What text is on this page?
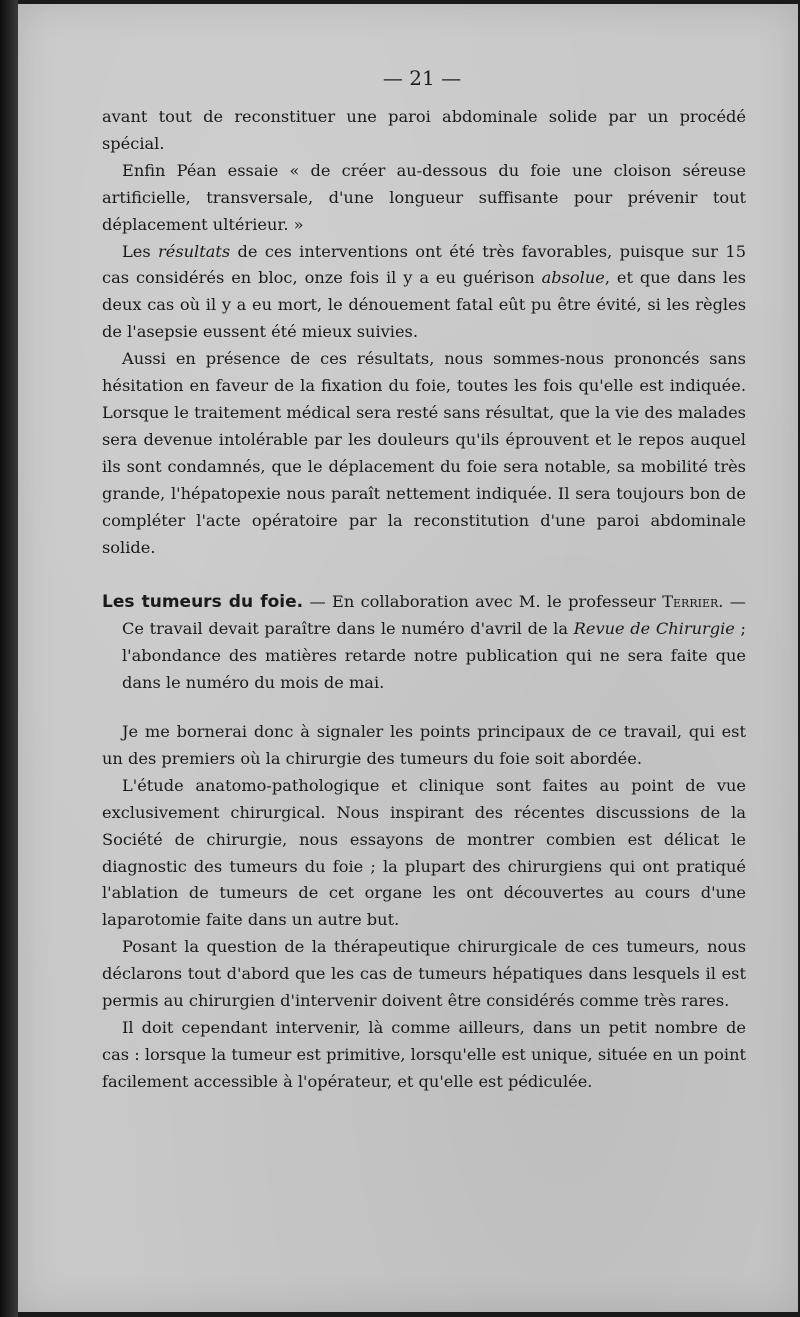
— 21 —

avant tout de reconstituer une paroi abdominale solide par un procédé spécial.

Enfin Péan essaie « de créer au-dessous du foie une cloison séreuse artificielle, transversale, d'une longueur suffisante pour prévenir tout déplacement ultérieur. »

Les résultats de ces interventions ont été très favorables, puisque sur 15 cas considérés en bloc, onze fois il y a eu guérison absolue, et que dans les deux cas où il y a eu mort, le dénouement fatal eût pu être évité, si les règles de l'asepsie eussent été mieux suivies.

Aussi en présence de ces résultats, nous sommes-nous prononcés sans hésitation en faveur de la fixation du foie, toutes les fois qu'elle est indiquée. Lorsque le traitement médical sera resté sans résultat, que la vie des malades sera devenue intolérable par les douleurs qu'ils éprouvent et le repos auquel ils sont condamnés, que le déplacement du foie sera notable, sa mobilité très grande, l'hépatopexie nous paraît nettement indiquée. Il sera toujours bon de compléter l'acte opératoire par la reconstitution d'une paroi abdominale solide.

Les tumeurs du foie. — En collaboration avec M. le professeur Terrier. — Ce travail devait paraître dans le numéro d'avril de la Revue de Chirurgie ; l'abondance des matières retarde notre publication qui ne sera faite que dans le numéro du mois de mai.

Je me bornerai donc à signaler les points principaux de ce travail, qui est un des premiers où la chirurgie des tumeurs du foie soit abordée.

L'étude anatomo-pathologique et clinique sont faites au point de vue exclusivement chirurgical. Nous inspirant des récentes discussions de la Société de chirurgie, nous essayons de montrer combien est délicat le diagnostic des tumeurs du foie ; la plupart des chirurgiens qui ont pratiqué l'ablation de tumeurs de cet organe les ont découvertes au cours d'une laparotomie faite dans un autre but.

Posant la question de la thérapeutique chirurgicale de ces tumeurs, nous déclarons tout d'abord que les cas de tumeurs hépatiques dans lesquels il est permis au chirurgien d'intervenir doivent être considérés comme très rares.

Il doit cependant intervenir, là comme ailleurs, dans un petit nombre de cas : lorsque la tumeur est primitive, lorsqu'elle est unique, située en un point facilement accessible à l'opérateur, et qu'elle est pédiculée.
